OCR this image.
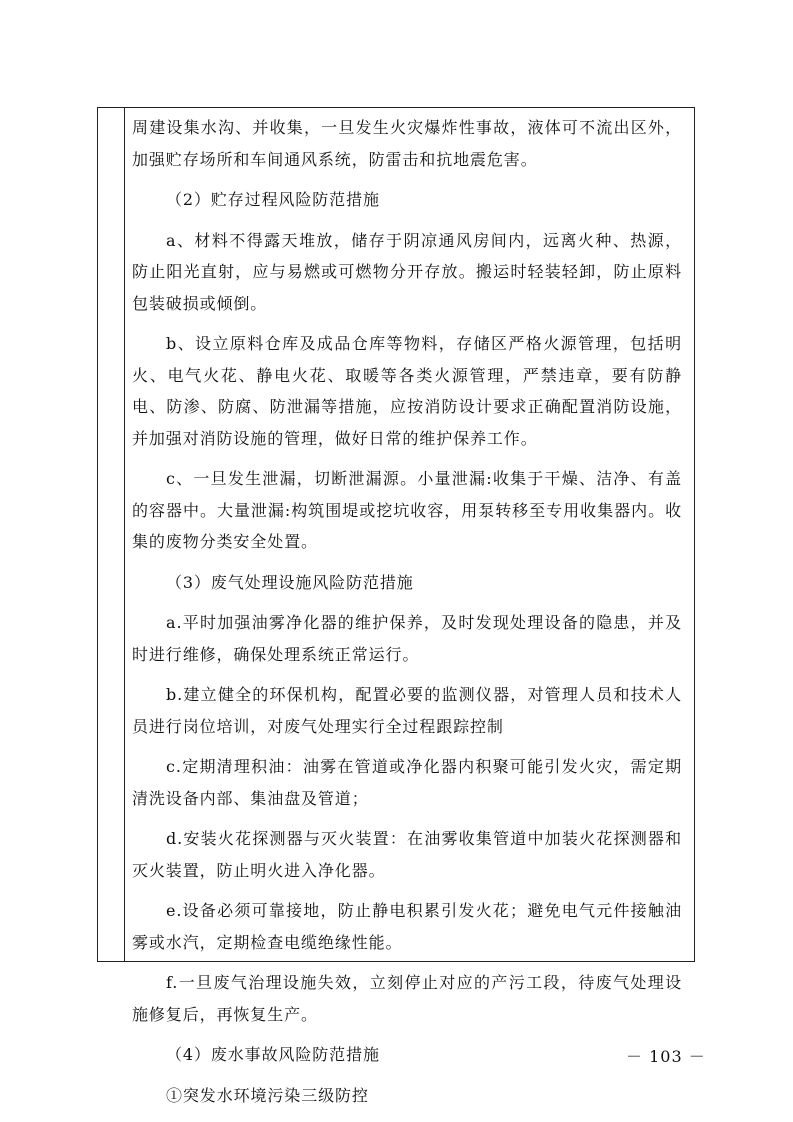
周建设集水沟、并收集，一旦发生火灾爆炸性事故，液体可不流出区外，加强贮存场所和车间通风系统，防雷击和抗地震危害。

（2）贮存过程风险防范措施

a、材料不得露天堆放，储存于阴凉通风房间内，远离火种、热源，防止阳光直射，应与易燃或可燃物分开存放。搬运时轻装轻卸，防止原料包装破损或倾倒。

b、设立原料仓库及成品仓库等物料，存储区严格火源管理，包括明火、电气火花、静电火花、取暖等各类火源管理，严禁违章，要有防静电、防渗、防腐、防泄漏等措施，应按消防设计要求正确配置消防设施，并加强对消防设施的管理，做好日常的维护保养工作。

c、一旦发生泄漏，切断泄漏源。小量泄漏:收集于干燥、洁净、有盖的容器中。大量泄漏:构筑围堤或挖坑收容，用泵转移至专用收集器内。收集的废物分类安全处置。

（3）废气处理设施风险防范措施

a.平时加强油雾净化器的维护保养，及时发现处理设备的隐患，并及时进行维修，确保处理系统正常运行。

b.建立健全的环保机构，配置必要的监测仪器，对管理人员和技术人员进行岗位培训，对废气处理实行全过程跟踪控制

c.定期清理积油：油雾在管道或净化器内积聚可能引发火灾，需定期清洗设备内部、集油盘及管道；

d.安装火花探测器与灭火装置：在油雾收集管道中加装火花探测器和灭火装置，防止明火进入净化器。

e.设备必须可靠接地，防止静电积累引发火花；避免电气元件接触油雾或水汽，定期检查电缆绝缘性能。

f.一旦废气治理设施失效，立刻停止对应的产污工段，待废气处理设施修复后，再恢复生产。

（4）废水事故风险防范措施

①突发水环境污染三级防控

－ 103 －
